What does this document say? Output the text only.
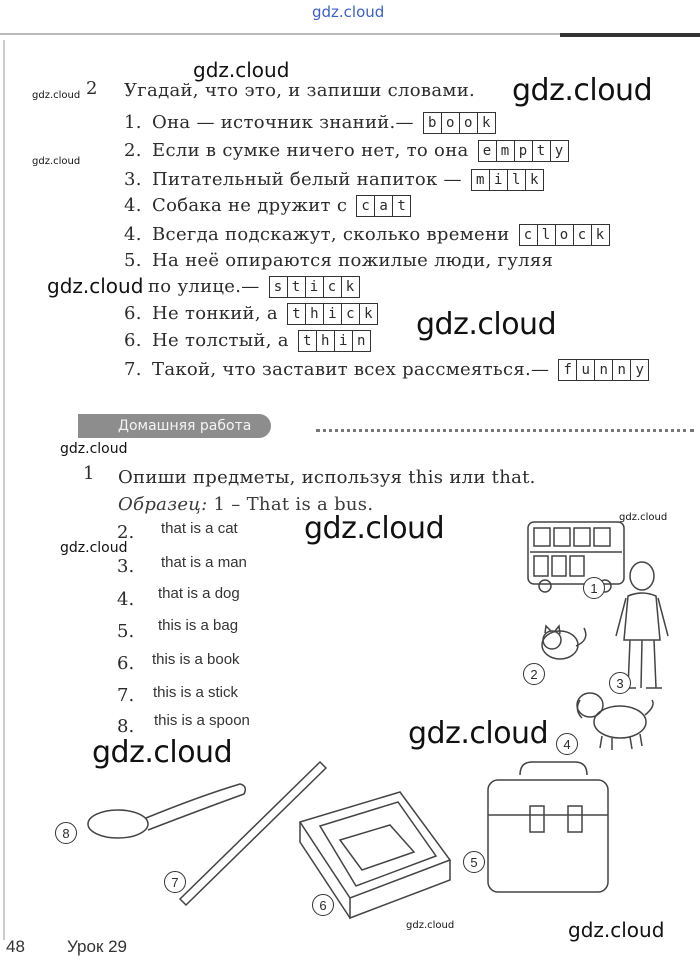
gdz.cloud
gdz.cloud
gdz.cloud
gdz.cloud
gdz.cloud
gdz.cloud
gdz.cloud
gdz.cloud
gdz.cloud	gdz.cloud
gdz.cloud
gdz.cloud
gdz.cloud
gdz.cloud	gdz.cloud
2 Угадай, что это, и запиши словами.
1. Она — источник знаний.— b o o k
2. Если в сумке ничего нет, то она e m p t y
3. Питательный белый напиток — m i l k
4. Собака не дружит с c a t
4. Всегда подскажут, сколько времени c l o c k
5. На неё опираются пожилые люди, гуляя
по улице.— s t i c k
6. Не тонкий, а t h i c k
6. Не толстый, а t h i n
7. Такой, что заставит всех рассмеяться.— f u n n y
Домашняя работа
1 Опиши предметы, используя this или that.
Образец: 1 – That is a bus.
2. that is a cat
3. that is a man
4. that is a dog
5. this is a bag
6. this is a book
7. this is a stick
8. this is a spoon
1
2
3
4
5
6
7
8
48 Урок 29
